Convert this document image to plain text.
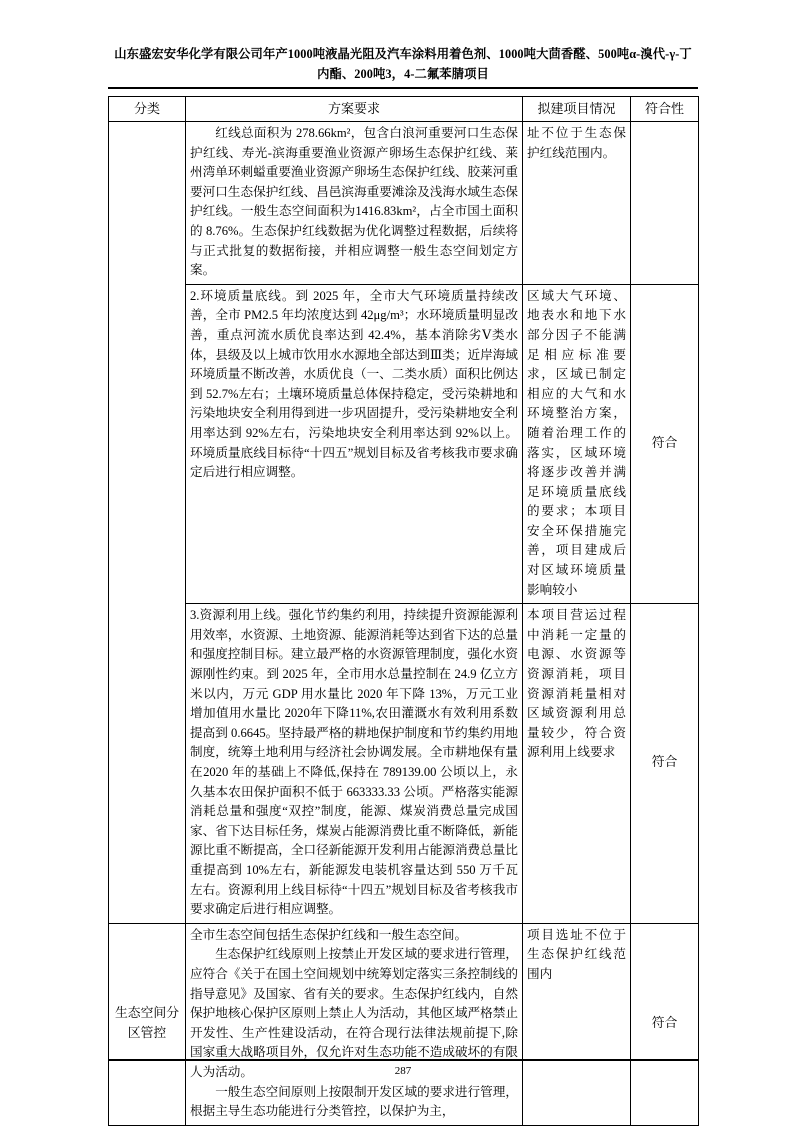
山东盛宏安华化学有限公司年产1000吨液晶光阻及汽车涂料用着色剂、1000吨大茴香醛、500吨α-溴代-γ-丁内酯、200吨3，4-二氟苯腈项目
分类	方案要求	拟建项目情况	符合性

	红线总面积为 278.66km²，包含白浪河重要河口生态保护红线、寿光-滨海重要渔业资源产卵场生态保护红线、莱州湾单环刺螠重要渔业资源产卵场生态保护红线、胶莱河重要河口生态保护红线、昌邑滨海重要滩涂及浅海水域生态保护红线。一般生态空间面积为1416.83km²，占全市国土面积的 8.76%。生态保护红线数据为优化调整过程数据，后续将与正式批复的数据衔接，并相应调整一般生态空间划定方案。	址不位于生态保护红线范围内。	

	2.环境质量底线。到 2025 年，全市大气环境质量持续改善，全市 PM2.5 年均浓度达到 42μg/m³；水环境质量明显改善，重点河流水质优良率达到 42.4%，基本消除劣Ⅴ类水体，县级及以上城市饮用水水源地全部达到Ⅲ类；近岸海域环境质量不断改善，水质优良（一、二类水质）面积比例达到 52.7%左右；土壤环境质量总体保持稳定，受污染耕地和污染地块安全利用得到进一步巩固提升，受污染耕地安全利用率达到 92%左右，污染地块安全利用率达到 92%以上。环境质量底线目标待“十四五”规划目标及省考核我市要求确定后进行相应调整。	区域大气环境、地表水和地下水部分因子不能满足相应标准要求，区域已制定相应的大气和水环境整治方案，随着治理工作的落实，区域环境将逐步改善并满足环境质量底线的要求；本项目安全环保措施完善，项目建成后对区域环境质量影响较小	符合

	3.资源利用上线。强化节约集约利用，持续提升资源能源利用效率，水资源、土地资源、能源消耗等达到省下达的总量和强度控制目标。建立最严格的水资源管理制度，强化水资源刚性约束。到 2025 年，全市用水总量控制在 24.9 亿立方米以内，万元 GDP 用水量比 2020 年下降 13%，万元工业增加值用水量比 2020年下降11%,农田灌溉水有效利用系数提高到 0.6645。坚持最严格的耕地保护制度和节约集约用地制度，统筹土地利用与经济社会协调发展。全市耕地保有量在2020 年的基础上不降低,保持在 789139.00 公顷以上，永久基本农田保护面积不低于 663333.33 公顷。严格落实能源消耗总量和强度“双控”制度，能源、煤炭消费总量完成国家、省下达目标任务，煤炭占能源消费比重不断降低，新能源比重不断提高，全口径新能源开发利用占能源消费总量比重提高到 10%左右，新能源发电装机容量达到 550 万千瓦左右。资源利用上线目标待“十四五”规划目标及省考核我市要求确定后进行相应调整。	本项目营运过程中消耗一定量的电源、水资源等资源消耗，项目资源消耗量相对区域资源利用总量较少，符合资源利用上线要求	符合
生态空间分区管控	全市生态空间包括生态保护红线和一般生态空间。

生态保护红线原则上按禁止开发区域的要求进行管理，应符合《关于在国土空间规划中统筹划定落实三条控制线的指导意见》及国家、省有关的要求。生态保护红线内，自然保护地核心保护区原则上禁止人为活动，其他区域严格禁止开发性、生产性建设活动，在符合现行法律法规前提下,除国家重大战略项目外，仅允许对生态功能不造成破坏的有限人为活动。

一般生态空间原则上按限制开发区域的要求进行管理，根据主导生态功能进行分类管控，以保护为主，	项目选址不位于生态保护红线范围内	符合
287
